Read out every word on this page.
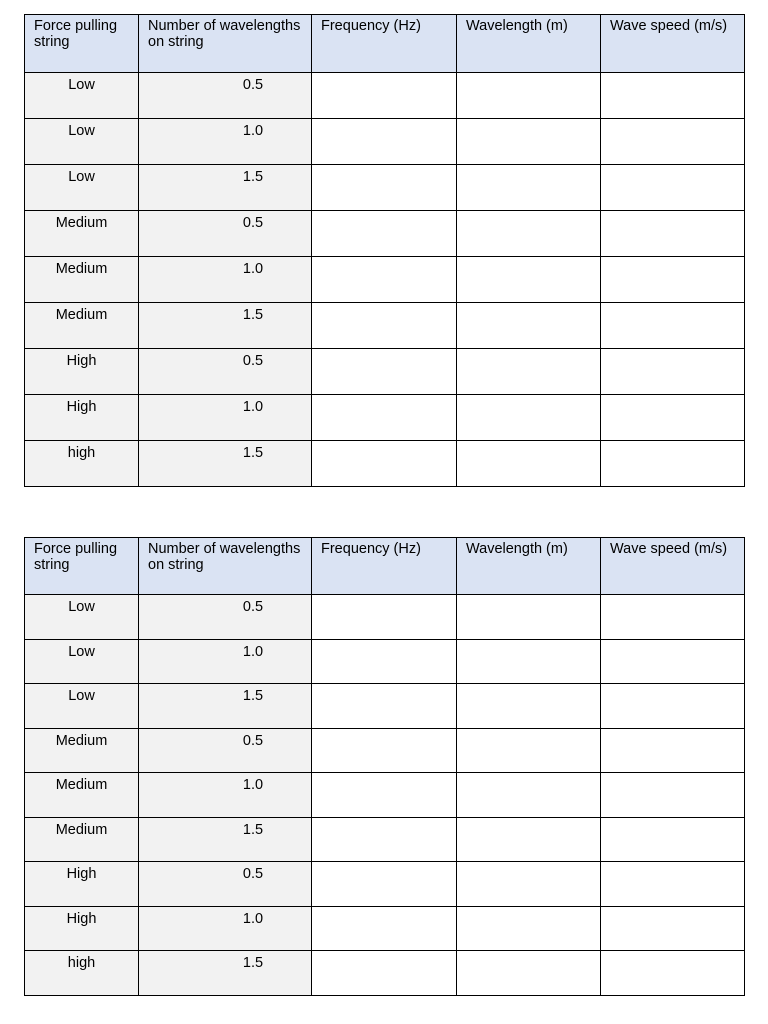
Force pulling string	Number of wavelengths on string	Frequency (Hz)	Wavelength (m)	Wave speed (m/s)
Low	0.5			
Low	1.0			
Low	1.5			
Medium	0.5			
Medium	1.0			
Medium	1.5			
High	0.5			
High	1.0			
high	1.5			
Force pulling string	Number of wavelengths on string	Frequency (Hz)	Wavelength (m)	Wave speed (m/s)
Low	0.5			
Low	1.0			
Low	1.5			
Medium	0.5			
Medium	1.0			
Medium	1.5			
High	0.5			
High	1.0			
high	1.5			
